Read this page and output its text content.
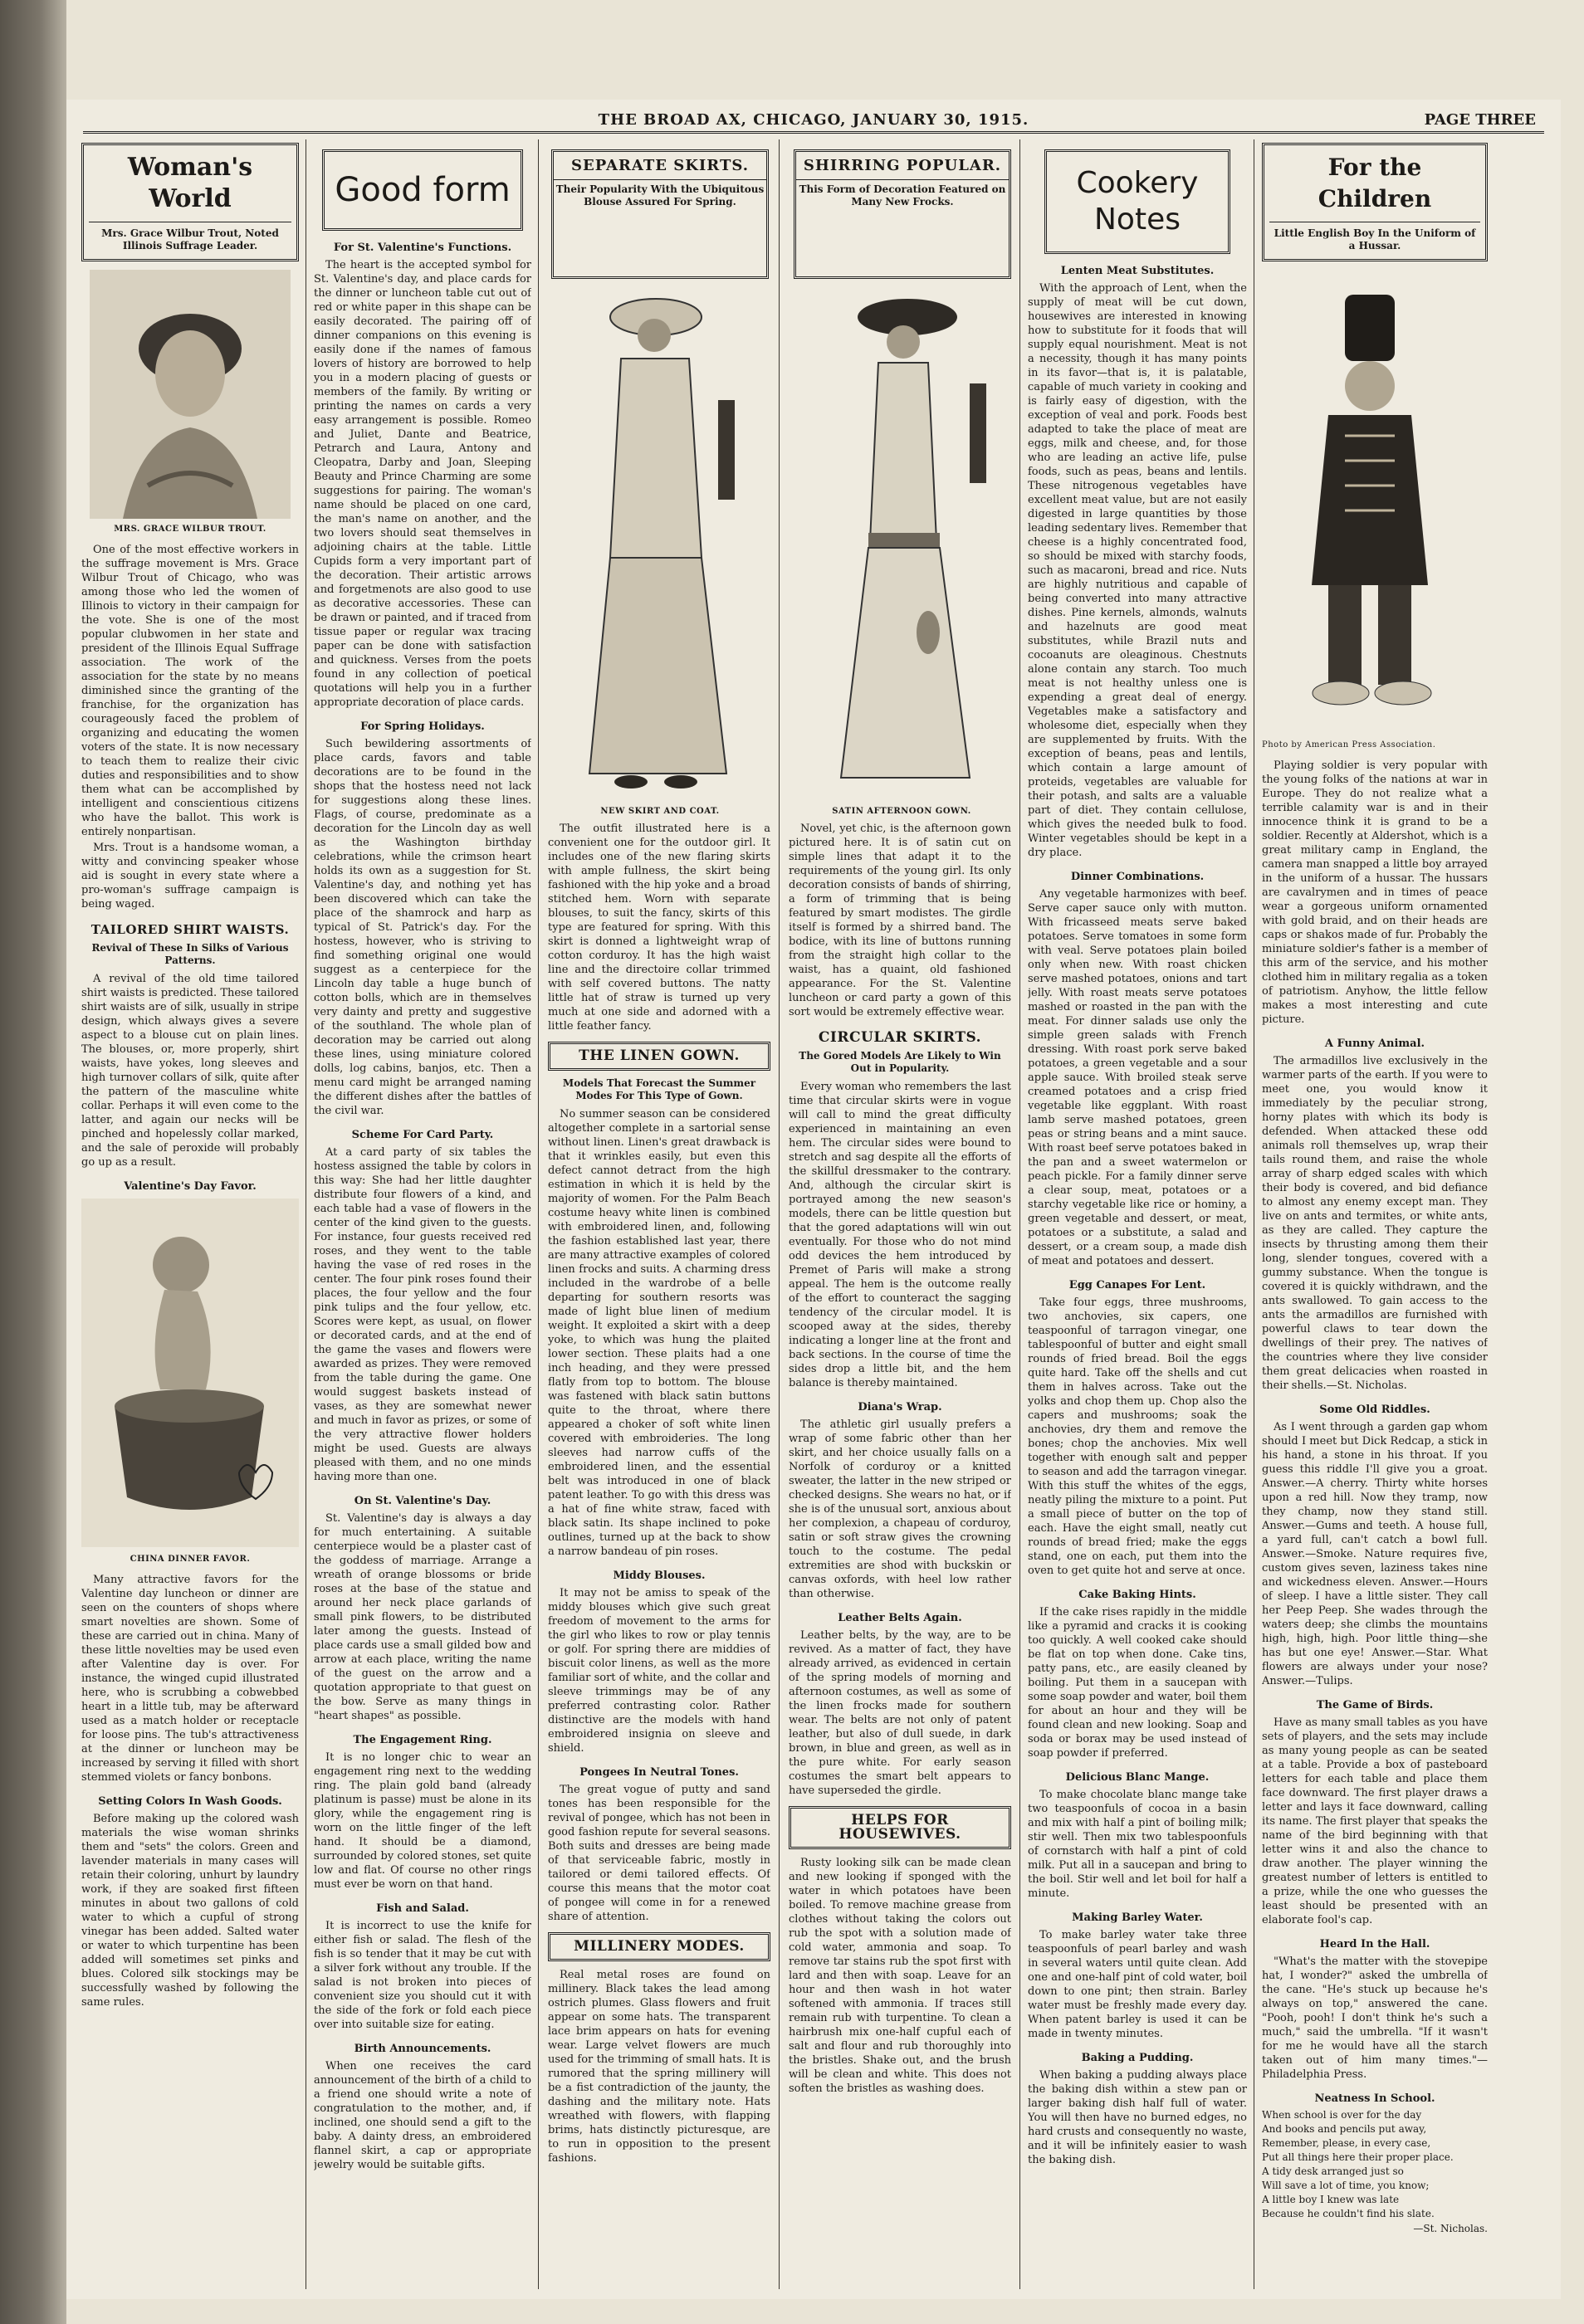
THE BROAD AX, CHICAGO, JANUARY 30, 1915.	PAGE THREE
Woman's World
Mrs. Grace Wilbur Trout, Noted Illinois Suffrage Leader.
MRS. GRACE WILBUR TROUT.

One of the most effective workers in the suffrage movement is Mrs. Grace Wilbur Trout of Chicago, who was among those who led the women of Illinois to victory in their campaign for the vote. She is one of the most popular clubwomen in her state and president of the Illinois Equal Suffrage association. The work of the association for the state by no means diminished since the granting of the franchise, for the organization has courageously faced the problem of organizing and educating the women voters of the state. It is now necessary to teach them to realize their civic duties and responsibilities and to show them what can be accomplished by intelligent and conscientious citizens who have the ballot. This work is entirely nonpartisan.

Mrs. Trout is a handsome woman, a witty and convincing speaker whose aid is sought in every state where a pro-woman's suffrage campaign is being waged.

TAILORED SHIRT WAISTS.
Revival of These In Silks of Various Patterns.

A revival of the old time tailored shirt waists is predicted. These tailored shirt waists are of silk, usually in stripe design, which always gives a severe aspect to a blouse cut on plain lines. The blouses, or, more properly, shirt waists, have yokes, long sleeves and high turnover collars of silk, quite after the pattern of the masculine white collar. Perhaps it will even come to the latter, and again our necks will be pinched and hopelessly collar marked, and the sale of peroxide will probably go up as a result.

Valentine's Day Favor.
CHINA DINNER FAVOR.

Many attractive favors for the Valentine day luncheon or dinner are seen on the counters of shops where smart novelties are shown. Some of these are carried out in china. Many of these little novelties may be used even after Valentine day is over. For instance, the winged cupid illustrated here, who is scrubbing a cobwebbed heart in a little tub, may be afterward used as a match holder or receptacle for loose pins. The tub's attractiveness at the dinner or luncheon may be increased by serving it filled with short stemmed violets or fancy bonbons.

Setting Colors In Wash Goods.

Before making up the colored wash materials the wise woman shrinks them and "sets" the colors. Green and lavender materials in many cases will retain their coloring, unhurt by laundry work, if they are soaked first fifteen minutes in about two gallons of cold water to which a cupful of strong vinegar has been added. Salted water or water to which turpentine has been added will sometimes set pinks and blues. Colored silk stockings may be successfully washed by following the same rules.

Good form
For St. Valentine's Functions.

The heart is the accepted symbol for St. Valentine's day, and place cards for the dinner or luncheon table cut out of red or white paper in this shape can be easily decorated. The pairing off of dinner companions on this evening is easily done if the names of famous lovers of history are borrowed to help you in a modern placing of guests or members of the family. By writing or printing the names on cards a very easy arrangement is possible. Romeo and Juliet, Dante and Beatrice, Petrarch and Laura, Antony and Cleopatra, Darby and Joan, Sleeping Beauty and Prince Charming are some suggestions for pairing. The woman's name should be placed on one card, the man's name on another, and the two lovers should seat themselves in adjoining chairs at the table. Little Cupids form a very important part of the decoration. Their artistic arrows and forgetmenots are also good to use as decorative accessories. These can be drawn or painted, and if traced from tissue paper or regular wax tracing paper can be done with satisfaction and quickness. Verses from the poets found in any collection of poetical quotations will help you in a further appropriate decoration of place cards.

For Spring Holidays.

Such bewildering assortments of place cards, favors and table decorations are to be found in the shops that the hostess need not lack for suggestions along these lines. Flags, of course, predominate as a decoration for the Lincoln day as well as the Washington birthday celebrations, while the crimson heart holds its own as a suggestion for St. Valentine's day, and nothing yet has been discovered which can take the place of the shamrock and harp as typical of St. Patrick's day. For the hostess, however, who is striving to find something original one would suggest as a centerpiece for the Lincoln day table a huge bunch of cotton bolls, which are in themselves very dainty and pretty and suggestive of the southland. The whole plan of decoration may be carried out along these lines, using miniature colored dolls, log cabins, banjos, etc. Then a menu card might be arranged naming the different dishes after the battles of the civil war.

Scheme For Card Party.

At a card party of six tables the hostess assigned the table by colors in this way: She had her little daughter distribute four flowers of a kind, and each table had a vase of flowers in the center of the kind given to the guests. For instance, four guests received red roses, and they went to the table having the vase of red roses in the center. The four pink roses found their places, the four yellow and the four pink tulips and the four yellow, etc. Scores were kept, as usual, on flower or decorated cards, and at the end of the game the vases and flowers were awarded as prizes. They were removed from the table during the game. One would suggest baskets instead of vases, as they are somewhat newer and much in favor as prizes, or some of the very attractive flower holders might be used. Guests are always pleased with them, and no one minds having more than one.

On St. Valentine's Day.

St. Valentine's day is always a day for much entertaining. A suitable centerpiece would be a plaster cast of the goddess of marriage. Arrange a wreath of orange blossoms or bride roses at the base of the statue and around her neck place garlands of small pink flowers, to be distributed later among the guests. Instead of place cards use a small gilded bow and arrow at each place, writing the name of the guest on the arrow and a quotation appropriate to that guest on the bow. Serve as many things in "heart shapes" as possible.

The Engagement Ring.

It is no longer chic to wear an engagement ring next to the wedding ring. The plain gold band (already platinum is passe) must be alone in its glory, while the engagement ring is worn on the little finger of the left hand. It should be a diamond, surrounded by colored stones, set quite low and flat. Of course no other rings must ever be worn on that hand.

Fish and Salad.

It is incorrect to use the knife for either fish or salad. The flesh of the fish is so tender that it may be cut with a silver fork without any trouble. If the salad is not broken into pieces of convenient size you should cut it with the side of the fork or fold each piece over into suitable size for eating.

Birth Announcements.

When one receives the card announcement of the birth of a child to a friend one should write a note of congratulation to the mother, and, if inclined, one should send a gift to the baby. A dainty dress, an embroidered flannel skirt, a cap or appropriate jewelry would be suitable gifts.

SEPARATE SKIRTS.
Their Popularity With the Ubiquitous Blouse Assured For Spring.
SHIRRING POPULAR.
This Form of Decoration Featured on Many New Frocks.
NEW SKIRT AND COAT.	SATIN AFTERNOON GOWN.

The outfit illustrated here is a convenient one for the outdoor girl. It includes one of the new flaring skirts with ample fullness, the skirt being fashioned with the hip yoke and a broad stitched hem. Worn with separate blouses, to suit the fancy, skirts of this type are featured for spring. With this skirt is donned a lightweight wrap of cotton corduroy. It has the high waist line and the directoire collar trimmed with self covered buttons. The natty little hat of straw is turned up very much at one side and adorned with a little feather fancy.

THE LINEN GOWN.
Models That Forecast the Summer Modes For This Type of Gown.

No summer season can be considered altogether complete in a sartorial sense without linen. Linen's great drawback is that it wrinkles easily, but even this defect cannot detract from the high estimation in which it is held by the majority of women. For the Palm Beach costume heavy white linen is combined with embroidered linen, and, following the fashion established last year, there are many attractive examples of colored linen frocks and suits. A charming dress included in the wardrobe of a belle departing for southern resorts was made of light blue linen of medium weight. It exploited a skirt with a deep yoke, to which was hung the plaited lower section. These plaits had a one inch heading, and they were pressed flatly from top to bottom. The blouse was fastened with black satin buttons quite to the throat, where there appeared a choker of soft white linen covered with embroideries. The long sleeves had narrow cuffs of the embroidered linen, and the essential belt was introduced in one of black patent leather. To go with this dress was a hat of fine white straw, faced with black satin. Its shape inclined to poke outlines, turned up at the back to show a narrow bandeau of pin roses.

Middy Blouses.

It may not be amiss to speak of the middy blouses which give such great freedom of movement to the arms for the girl who likes to row or play tennis or golf. For spring there are middies of biscuit color linens, as well as the more familiar sort of white, and the collar and sleeve trimmings may be of any preferred contrasting color. Rather distinctive are the models with hand embroidered insignia on sleeve and shield.

Pongees In Neutral Tones.

The great vogue of putty and sand tones has been responsible for the revival of pongee, which has not been in good fashion repute for several seasons. Both suits and dresses are being made of that serviceable fabric, mostly in tailored or demi tailored effects. Of course this means that the motor coat of pongee will come in for a renewed share of attention.

MILLINERY MODES.

Real metal roses are found on millinery. Black takes the lead among ostrich plumes. Glass flowers and fruit appear on some hats. The transparent lace brim appears on hats for evening wear. Large velvet flowers are much used for the trimming of small hats. It is rumored that the spring millinery will be a fist contradiction of the jaunty, the dashing and the military note. Hats wreathed with flowers, with flapping brims, hats distinctly picturesque, are to run in opposition to the present fashions.

Novel, yet chic, is the afternoon gown pictured here. It is of satin cut on simple lines that adapt it to the requirements of the young girl. Its only decoration consists of bands of shirring, a form of trimming that is being featured by smart modistes. The girdle itself is formed by a shirred band. The bodice, with its line of buttons running from the straight high collar to the waist, has a quaint, old fashioned appearance. For the St. Valentine luncheon or card party a gown of this sort would be extremely effective wear.

CIRCULAR SKIRTS.
The Gored Models Are Likely to Win Out in Popularity.

Every woman who remembers the last time that circular skirts were in vogue will call to mind the great difficulty experienced in maintaining an even hem. The circular sides were bound to stretch and sag despite all the efforts of the skillful dressmaker to the contrary. And, although the circular skirt is portrayed among the new season's models, there can be little question but that the gored adaptations will win out eventually. For those who do not mind odd devices the hem introduced by Premet of Paris will make a strong appeal. The hem is the outcome really of the effort to counteract the sagging tendency of the circular model. It is scooped away at the sides, thereby indicating a longer line at the front and back sections. In the course of time the sides drop a little bit, and the hem balance is thereby maintained.

Diana's Wrap.

The athletic girl usually prefers a wrap of some fabric other than her skirt, and her choice usually falls on a Norfolk of corduroy or a knitted sweater, the latter in the new striped or checked designs. She wears no hat, or if she is of the unusual sort, anxious about her complexion, a chapeau of corduroy, satin or soft straw gives the crowning touch to the costume. The pedal extremities are shod with buckskin or canvas oxfords, with heel low rather than otherwise.

Leather Belts Again.

Leather belts, by the way, are to be revived. As a matter of fact, they have already arrived, as evidenced in certain of the spring models of morning and afternoon costumes, as well as some of the linen frocks made for southern wear. The belts are not only of patent leather, but also of dull suede, in dark brown, in blue and green, as well as in the pure white. For early season costumes the smart belt appears to have superseded the girdle.

HELPS FOR HOUSEWIVES.

Rusty looking silk can be made clean and new looking if sponged with the water in which potatoes have been boiled. To remove machine grease from clothes without taking the colors out rub the spot with a solution made of cold water, ammonia and soap. To remove tar stains rub the spot first with lard and then with soap. Leave for an hour and then wash in hot water softened with ammonia. If traces still remain rub with turpentine. To clean a hairbrush mix one-half cupful each of salt and flour and rub thoroughly into the bristles. Shake out, and the brush will be clean and white. This does not soften the bristles as washing does.

Cookery Notes
Lenten Meat Substitutes.

With the approach of Lent, when the supply of meat will be cut down, housewives are interested in knowing how to substitute for it foods that will supply equal nourishment. Meat is not a necessity, though it has many points in its favor—that is, it is palatable, capable of much variety in cooking and is fairly easy of digestion, with the exception of veal and pork. Foods best adapted to take the place of meat are eggs, milk and cheese, and, for those who are leading an active life, pulse foods, such as peas, beans and lentils. These nitrogenous vegetables have excellent meat value, but are not easily digested in large quantities by those leading sedentary lives. Remember that cheese is a highly concentrated food, so should be mixed with starchy foods, such as macaroni, bread and rice. Nuts are highly nutritious and capable of being converted into many attractive dishes. Pine kernels, almonds, walnuts and hazelnuts are good meat substitutes, while Brazil nuts and cocoanuts are oleaginous. Chestnuts alone contain any starch. Too much meat is not healthy unless one is expending a great deal of energy. Vegetables make a satisfactory and wholesome diet, especially when they are supplemented by fruits. With the exception of beans, peas and lentils, which contain a large amount of proteids, vegetables are valuable for their potash, and salts are a valuable part of diet. They contain cellulose, which gives the needed bulk to food. Winter vegetables should be kept in a dry place.

Dinner Combinations.

Any vegetable harmonizes with beef. Serve caper sauce only with mutton. With fricasseed meats serve baked potatoes. Serve tomatoes in some form with veal. Serve potatoes plain boiled only when new. With roast chicken serve mashed potatoes, onions and tart jelly. With roast meats serve potatoes mashed or roasted in the pan with the meat. For dinner salads use only the simple green salads with French dressing. With roast pork serve baked potatoes, a green vegetable and a sour apple sauce. With broiled steak serve creamed potatoes and a crisp fried vegetable like eggplant. With roast lamb serve mashed potatoes, green peas or string beans and a mint sauce. With roast beef serve potatoes baked in the pan and a sweet watermelon or peach pickle. For a family dinner serve a clear soup, meat, potatoes or a starchy vegetable like rice or hominy, a green vegetable and dessert, or meat, potatoes or a substitute, a salad and dessert, or a cream soup, a made dish of meat and potatoes and dessert.

Egg Canapes For Lent.

Take four eggs, three mushrooms, two anchovies, six capers, one teaspoonful of tarragon vinegar, one tablespoonful of butter and eight small rounds of fried bread. Boil the eggs quite hard. Take off the shells and cut them in halves across. Take out the yolks and chop them up. Chop also the capers and mushrooms; soak the anchovies, dry them and remove the bones; chop the anchovies. Mix well together with enough salt and pepper to season and add the tarragon vinegar. With this stuff the whites of the eggs, neatly piling the mixture to a point. Put a small piece of butter on the top of each. Have the eight small, neatly cut rounds of bread fried; make the eggs stand, one on each, put them into the oven to get quite hot and serve at once.

Cake Baking Hints.

If the cake rises rapidly in the middle like a pyramid and cracks it is cooking too quickly. A well cooked cake should be flat on top when done. Cake tins, patty pans, etc., are easily cleaned by boiling. Put them in a saucepan with some soap powder and water, boil them for about an hour and they will be found clean and new looking. Soap and soda or borax may be used instead of soap powder if preferred.

Delicious Blanc Mange.

To make chocolate blanc mange take two teaspoonfuls of cocoa in a basin and mix with half a pint of boiling milk; stir well. Then mix two tablespoonfuls of cornstarch with half a pint of cold milk. Put all in a saucepan and bring to the boil. Stir well and let boil for half a minute.

Making Barley Water.

To make barley water take three teaspoonfuls of pearl barley and wash in several waters until quite clean. Add one and one-half pint of cold water, boil down to one pint; then strain. Barley water must be freshly made every day. When patent barley is used it can be made in twenty minutes.

Baking a Pudding.

When baking a pudding always place the baking dish within a stew pan or larger baking dish half full of water. You will then have no burned edges, no hard crusts and consequently no waste, and it will be infinitely easier to wash the baking dish.

For the Children
Little English Boy In the Uniform of a Hussar.
Photo by American Press Association.

Playing soldier is very popular with the young folks of the nations at war in Europe. They do not realize what a terrible calamity war is and in their innocence think it is grand to be a soldier. Recently at Aldershot, which is a great military camp in England, the camera man snapped a little boy arrayed in the uniform of a hussar. The hussars are cavalrymen and in times of peace wear a gorgeous uniform ornamented with gold braid, and on their heads are caps or shakos made of fur. Probably the miniature soldier's father is a member of this arm of the service, and his mother clothed him in military regalia as a token of patriotism. Anyhow, the little fellow makes a most interesting and cute picture.

A Funny Animal.

The armadillos live exclusively in the warmer parts of the earth. If you were to meet one, you would know it immediately by the peculiar strong, horny plates with which its body is defended. When attacked these odd animals roll themselves up, wrap their tails round them, and raise the whole array of sharp edged scales with which their body is covered, and bid defiance to almost any enemy except man. They live on ants and termites, or white ants, as they are called. They capture the insects by thrusting among them their long, slender tongues, covered with a gummy substance. When the tongue is covered it is quickly withdrawn, and the ants swallowed. To gain access to the ants the armadillos are furnished with powerful claws to tear down the dwellings of their prey. The natives of the countries where they live consider them great delicacies when roasted in their shells.—St. Nicholas.

Some Old Riddles.

As I went through a garden gap whom should I meet but Dick Redcap, a stick in his hand, a stone in his throat. If you guess this riddle I'll give you a groat. Answer.—A cherry. Thirty white horses upon a red hill. Now they tramp, now they champ, now they stand still. Answer.—Gums and teeth. A house full, a yard full, can't catch a bowl full. Answer.—Smoke. Nature requires five, custom gives seven, laziness takes nine and wickedness eleven. Answer.—Hours of sleep. I have a little sister. They call her Peep Peep. She wades through the waters deep; she climbs the mountains high, high, high. Poor little thing—she has but one eye! Answer.—Star. What flowers are always under your nose? Answer.—Tulips.

The Game of Birds.

Have as many small tables as you have sets of players, and the sets may include as many young people as can be seated at a table. Provide a box of pasteboard letters for each table and place them face downward. The first player draws a letter and lays it face downward, calling its name. The first player that speaks the name of the bird beginning with that letter wins it and also the chance to draw another. The player winning the greatest number of letters is entitled to a prize, while the one who guesses the least should be presented with an elaborate fool's cap.

Heard In the Hall.

"What's the matter with the stovepipe hat, I wonder?" asked the umbrella of the cane. "He's stuck up because he's always on top," answered the cane. "Pooh, pooh! I don't think he's such a much," said the umbrella. "If it wasn't for me he would have all the starch taken out of him many times."—Philadelphia Press.

Neatness In School.

When school is over for the day

And books and pencils put away,

Remember, please, in every case,

Put all things here their proper place.

A tidy desk arranged just so

Will save a lot of time, you know;

A little boy I knew was late

Because he couldn't find his slate.

—St. Nicholas.
